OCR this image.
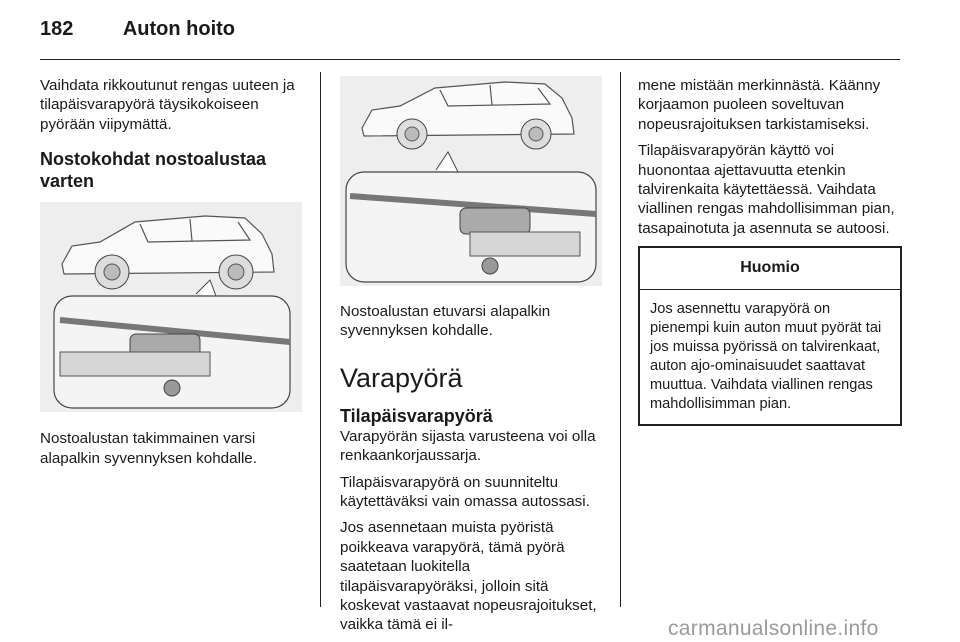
182 Auton hoito

Vaihdata rikkoutunut rengas uuteen ja tilapäisvarapyörä täysikokoiseen pyörään viipymättä.

Nostokohdat nostoalustaa varten

Nostoalustan takimmainen varsi alapalkin syvennyksen kohdalle.

Nostoalustan etuvarsi alapalkin syvennyksen kohdalle.

Varapyörä
Tilapäisvarapyörä

Varapyörän sijasta varusteena voi olla renkaankorjaussarja.

Tilapäisvarapyörä on suunniteltu käytettäväksi vain omassa autossasi.

Jos asennetaan muista pyöristä poikkeava varapyörä, tämä pyörä saatetaan luokitella tilapäisvarapyöräksi, jolloin sitä koskevat vastaavat nopeusrajoitukset, vaikka tämä ei il-

mene mistään merkinnästä. Käänny korjaamon puoleen soveltuvan nopeusrajoituksen tarkistamiseksi.

Tilapäisvarapyörän käyttö voi huonontaa ajettavuutta etenkin talvirenkaita käytettäessä. Vaihdata viallinen rengas mahdollisimman pian, tasapainotuta ja asennuta se autoosi.

Huomio
Jos asennettu varapyörä on pienempi kuin auton muut pyörät tai jos muissa pyörissä on talvirenkaat, auton ajo-ominaisuudet saattavat muuttua. Vaihdata viallinen rengas mahdollisimman pian.
carmanualsonline.info
